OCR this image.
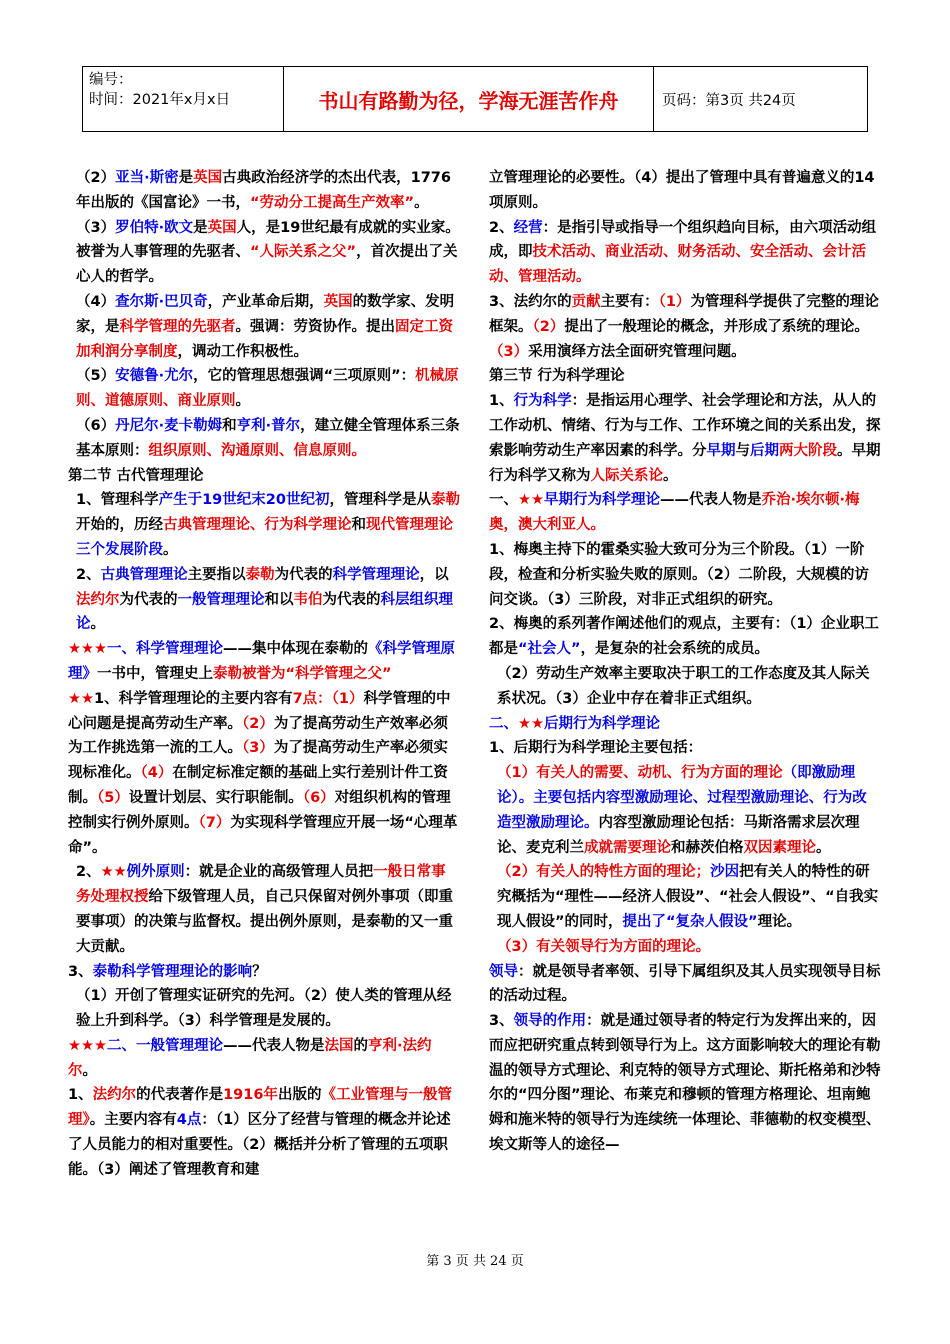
编号：
时间：2021年x月x日	书山有路勤为径，学海无涯苦作舟	页码：第3页 共24页

（2）亚当·斯密是英国古典政治经济学的杰出代表，1776年出版的《国富论》一书，“劳动分工提高生产效率”。

（3）罗伯特·欧文是英国人，是19世纪最有成就的实业家。被誉为人事管理的先驱者、“人际关系之父”，首次提出了关心人的哲学。

（4）查尔斯·巴贝奇，产业革命后期，英国的数学家、发明家，是科学管理的先驱者。强调：劳资协作。提出固定工资加利润分享制度，调动工作积极性。

（5）安德鲁·尤尔，它的管理思想强调“三项原则”：机械原则、道德原则、商业原则。

（6）丹尼尔·麦卡勒姆和亨利·普尔，建立健全管理体系三条基本原则：组织原则、沟通原则、信息原则。

第二节 古代管理理论

1、管理科学产生于19世纪末20世纪初，管理科学是从泰勒开始的，历经古典管理理论、行为科学理论和现代管理理论三个发展阶段。

2、古典管理理论主要指以泰勒为代表的科学管理理论，以法约尔为代表的一般管理理论和以韦伯为代表的科层组织理论。

★★★一、科学管理理论——集中体现在泰勒的《科学管理原理》一书中，管理史上泰勒被誉为“科学管理之父”

★★1、科学管理理论的主要内容有7点：（1）科学管理的中心问题是提高劳动生产率。（2）为了提高劳动生产效率必须为工作挑选第一流的工人。（3）为了提高劳动生产率必须实现标准化。（4）在制定标准定额的基础上实行差别计件工资制。（5）设置计划层、实行职能制。（6）对组织机构的管理控制实行例外原则。（7）为实现科学管理应开展一场“心理革命”。

2、★★例外原则：就是企业的高级管理人员把一般日常事务处理权授给下级管理人员，自己只保留对例外事项（即重要事项）的决策与监督权。提出例外原则，是泰勒的又一重大贡献。

3、泰勒科学管理理论的影响？

（1）开创了管理实证研究的先河。（2）使人类的管理从经验上升到科学。（3）科学管理是发展的。

★★★二、一般管理理论——代表人物是法国的亨利·法约尔。

1、法约尔的代表著作是1916年出版的《工业管理与一般管理》。主要内容有4点：（1）区分了经营与管理的概念并论述了人员能力的相对重要性。（2）概括并分析了管理的五项职能。（3）阐述了管理教育和建

立管理理论的必要性。（4）提出了管理中具有普遍意义的14项原则。

2、经营：是指引导或指导一个组织趋向目标，由六项活动组成，即技术活动、商业活动、财务活动、安全活动、会计活动、管理活动。

3、法约尔的贡献主要有：（1）为管理科学提供了完整的理论框架。（2）提出了一般理论的概念，并形成了系统的理论。（3）采用演绎方法全面研究管理问题。

第三节 行为科学理论

1、行为科学：是指运用心理学、社会学理论和方法，从人的工作动机、情绪、行为与工作、工作环境之间的关系出发，探索影响劳动生产率因素的科学。分早期与后期两大阶段。早期行为科学又称为人际关系论。

一、★★早期行为科学理论——代表人物是乔治·埃尔顿·梅奥，澳大利亚人。

1、梅奥主持下的霍桑实验大致可分为三个阶段。（1）一阶段，检查和分析实验失败的原则。（2）二阶段，大规模的访问交谈。（3）三阶段，对非正式组织的研究。

2、梅奥的系列著作阐述他们的观点，主要有：（1）企业职工都是“社会人”，是复杂的社会系统的成员。

（2）劳动生产效率主要取决于职工的工作态度及其人际关系状况。（3）企业中存在着非正式组织。

二、★★后期行为科学理论

1、后期行为科学理论主要包括：

（1）有关人的需要、动机、行为方面的理论（即激励理论）。主要包括内容型激励理论、过程型激励理论、行为改造型激励理论。内容型激励理论包括：马斯洛需求层次理论、麦克利兰成就需要理论和赫茨伯格双因素理论。

（2）有关人的特性方面的理论；沙因把有关人的特性的研究概括为“理性——经济人假设”、“社会人假设”、“自我实现人假设”的同时，提出了“复杂人假设”理论。

（3）有关领导行为方面的理论。

领导：就是领导者率领、引导下属组织及其人员实现领导目标的活动过程。

3、领导的作用：就是通过领导者的特定行为发挥出来的，因而应把研究重点转到领导行为上。这方面影响较大的理论有勒温的领导方式理论、利克特的领导方式理论、斯托格弟和沙特尔的“四分图”理论、布莱克和穆顿的管理方格理论、坦南鲍姆和施米特的领导行为连续统一体理论、菲德勒的权变模型、埃文斯等人的途径—

第 3 页 共 24 页
